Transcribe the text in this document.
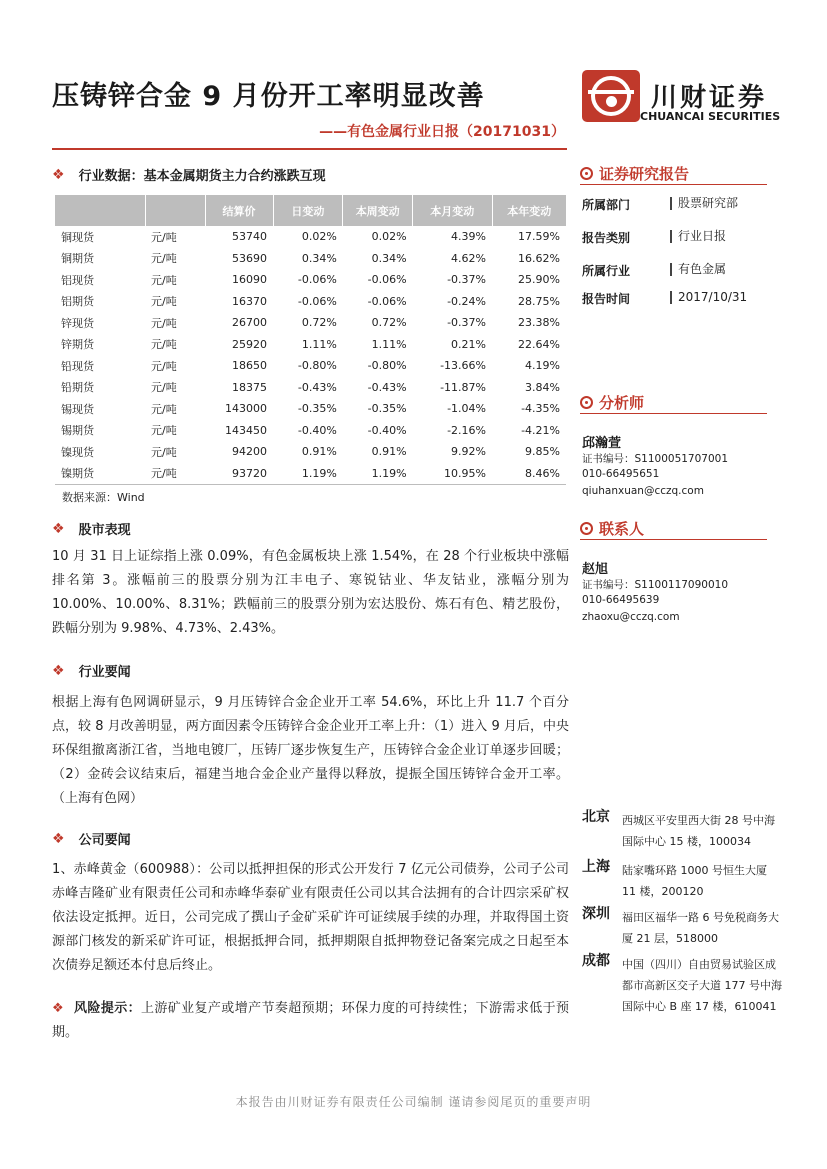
压铸锌合金 9 月份开工率明显改善
——有色金属行业日报（20171031）
川财证券
CHUANCAI SECURITIES
❖ 行业数据： 基本金属期货主力合约涨跌互现
		结算价	日变动	本周变动	本月变动	本年变动
铜现货	元/吨	53740	0.02%	0.02%	4.39%	17.59%
铜期货	元/吨	53690	0.34%	0.34%	4.62%	16.62%
铝现货	元/吨	16090	-0.06%	-0.06%	-0.37%	25.90%
铝期货	元/吨	16370	-0.06%	-0.06%	-0.24%	28.75%
锌现货	元/吨	26700	0.72%	0.72%	-0.37%	23.38%
锌期货	元/吨	25920	1.11%	1.11%	0.21%	22.64%
铅现货	元/吨	18650	-0.80%	-0.80%	-13.66%	4.19%
铅期货	元/吨	18375	-0.43%	-0.43%	-11.87%	3.84%
锡现货	元/吨	143000	-0.35%	-0.35%	-1.04%	-4.35%
锡期货	元/吨	143450	-0.40%	-0.40%	-2.16%	-4.21%
镍现货	元/吨	94200	0.91%	0.91%	9.92%	9.85%
镍期货	元/吨	93720	1.19%	1.19%	10.95%	8.46%
数据来源：Wind
❖ 股市表现
10 月 31 日上证综指上涨 0.09%，有色金属板块上涨 1.54%，在 28 个行业板块中涨幅排名第 3。涨幅前三的股票分别为江丰电子、寒锐钴业、华友钴业，涨幅分别为 10.00%、10.00%、8.31%；跌幅前三的股票分别为宏达股份、炼石有色、精艺股份，跌幅分别为 9.98%、4.73%、2.43%。
❖ 行业要闻
根据上海有色网调研显示，9 月压铸锌合金企业开工率 54.6%，环比上升 11.7 个百分点，较 8 月改善明显，两方面因素令压铸锌合金企业开工率上升：（1）进入 9 月后，中央环保组撤离浙江省，当地电镀厂，压铸厂逐步恢复生产，压铸锌合金企业订单逐步回暖；（2）金砖会议结束后，福建当地合金企业产量得以释放，提振全国压铸锌合金开工率。（上海有色网）
❖ 公司要闻
1、赤峰黄金（600988）：公司以抵押担保的形式公开发行 7 亿元公司债券，公司子公司赤峰吉隆矿业有限责任公司和赤峰华泰矿业有限责任公司以其合法拥有的合计四宗采矿权依法设定抵押。近日，公司完成了撰山子金矿采矿许可证续展手续的办理，并取得国土资源部门核发的新采矿许可证，根据抵押合同，抵押期限自抵押物登记备案完成之日起至本次债券足额还本付息后终止。
❖ 风险提示：上游矿业复产或增产节奏超预期；环保力度的可持续性；下游需求低于预期。
证券研究报告
所属部门	股票研究部
报告类别	行业日报
所属行业	有色金属
报告时间	2017/10/31
分析师
邱瀚萱
证书编号：S1100051707001
010-66495651
qiuhanxuan@cczq.com
联系人
赵旭
证书编号：S1100117090010
010-66495639
zhaoxu@cczq.com
北京 西城区平安里西大街 28 号中海国际中心 15 楼，100034
上海 陆家嘴环路 1000 号恒生大厦 11 楼，200120
深圳 福田区福华一路 6 号免税商务大厦 21 层，518000
成都 中国（四川）自由贸易试验区成都市高新区交子大道 177 号中海国际中心 B 座 17 楼，610041
本报告由川财证券有限责任公司编制 谨请参阅尾页的重要声明
